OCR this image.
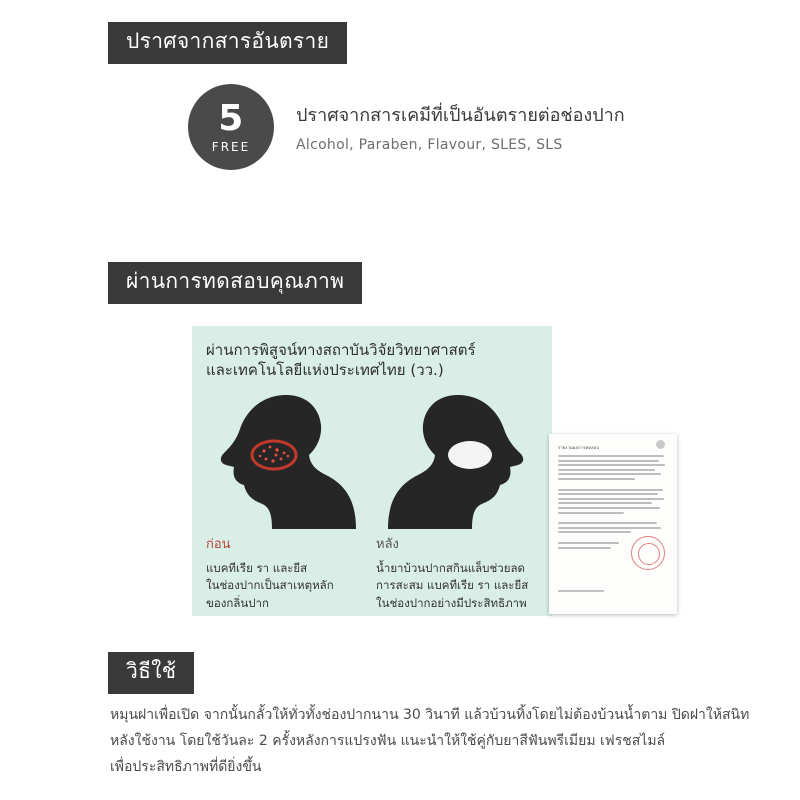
ปราศจากสารอันตราย
5
FREE
ปราศจากสารเคมีที่เป็นอันตรายต่อช่องปาก
Alcohol, Paraben, Flavour, SLES, SLS
ผ่านการทดสอบคุณภาพ
ผ่านการพิสูจน์ทางสถาบันวิจัยวิทยาศาสตร์
และเทคโนโลยีแห่งประเทศไทย (วว.)
ก่อน	หลัง
แบคทีเรีย รา และยีส
ในช่องปากเป็นสาเหตุหลัก
ของกลิ่นปาก
น้ำยาบ้วนปากสกินแล็บช่วยลด
การสะสม แบคทีเรีย รา และยีส
ในช่องปากอย่างมีประสิทธิภาพ
รายงานผลการทดสอบ
วิธีใช้
หมุนฝาเพื่อเปิด จากนั้นกลั้วให้ทั่วทั้งช่องปากนาน 30 วินาที แล้วบ้วนทิ้งโดยไม่ต้องบ้วนน้ำตาม ปิดฝาให้สนิท
หลังใช้งาน โดยใช้วันละ 2 ครั้งหลังการแปรงฟัน แนะนำให้ใช้คู่กับยาสีฟันพรีเมียม เฟรชสไมล์
เพื่อประสิทธิภาพที่ดียิ่งขึ้น
